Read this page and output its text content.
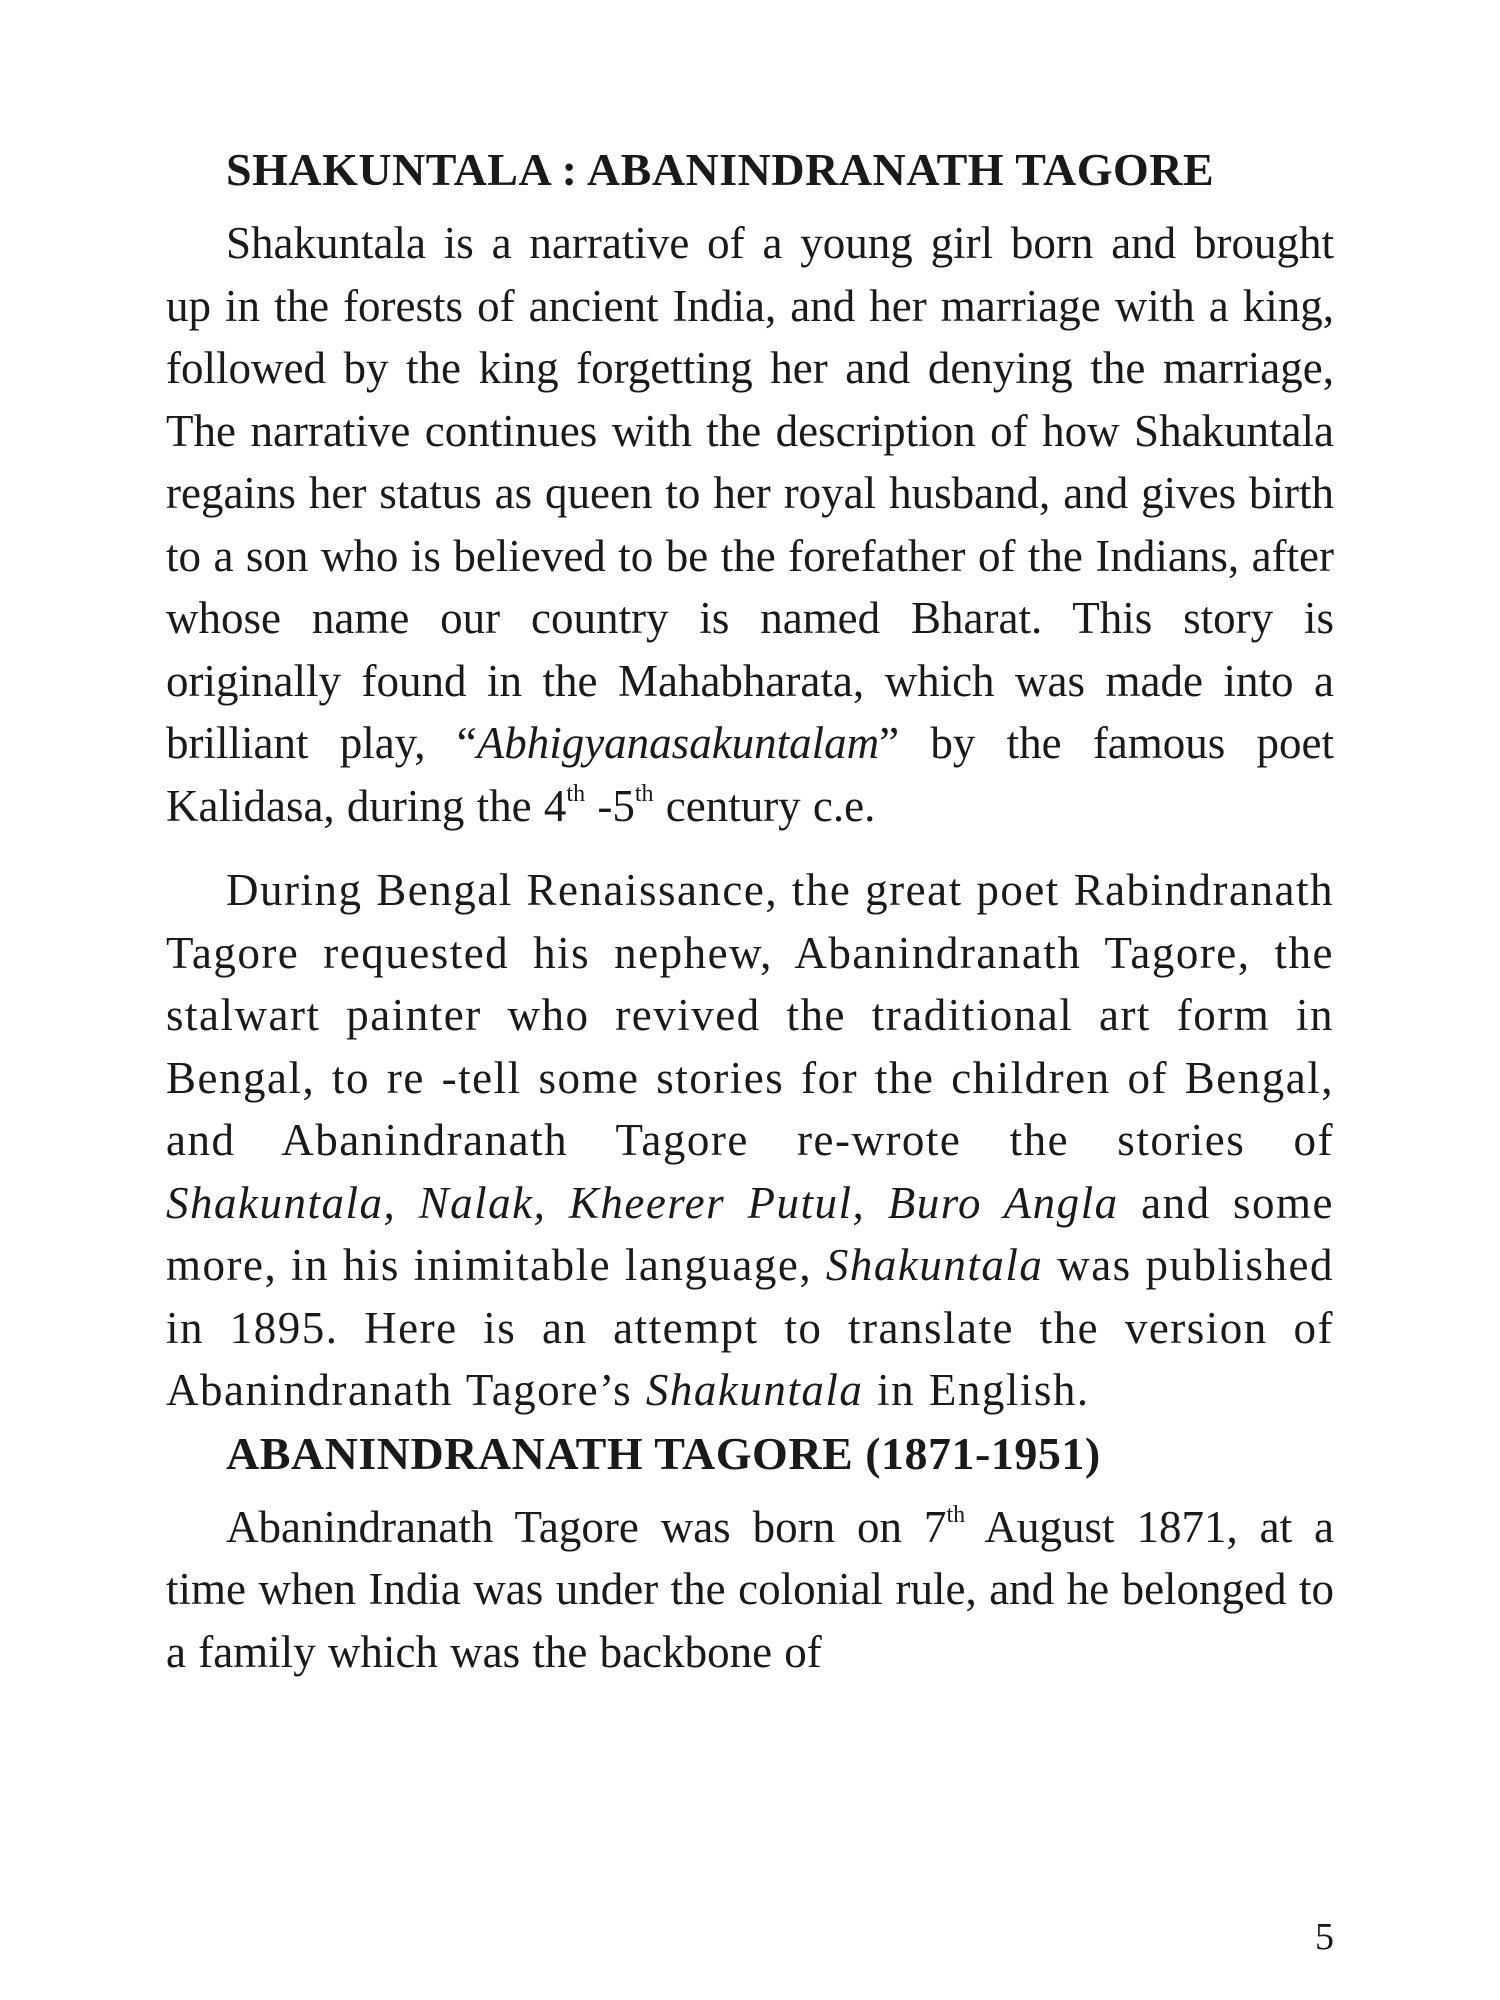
SHAKUNTALA : ABANINDRANATH TAGORE

Shakuntala is a narrative of a young girl born and brought up in the forests of ancient India, and her marriage with a king, followed by the king forgetting her and denying the marriage, The narrative continues with the description of how Shakuntala regains her status as queen to her royal husband, and gives birth to a son who is believed to be the forefather of the Indians, after whose name our country is named Bharat. This story is originally found in the Mahabharata, which was made into a brilliant play, “Abhigyanasakuntalam” by the famous poet Kalidasa, during the 4th -5th century c.e.

During Bengal Renaissance, the great poet Rabindranath Tagore requested his nephew, Abanindranath Tagore, the stalwart painter who revived the traditional art form in Bengal, to re -tell some stories for the children of Bengal, and Abanindranath Tagore re-wrote the stories of Shakuntala, Nalak, Kheerer Putul, Buro Angla and some more, in his inimitable language, Shakuntala was published in 1895. Here is an attempt to translate the version of Abanindranath Tagore’s Shakuntala in English.

ABANINDRANATH TAGORE (1871-1951)

Abanindranath Tagore was born on 7th August 1871, at a time when India was under the colonial rule, and he belonged to a family which was the backbone of

5
